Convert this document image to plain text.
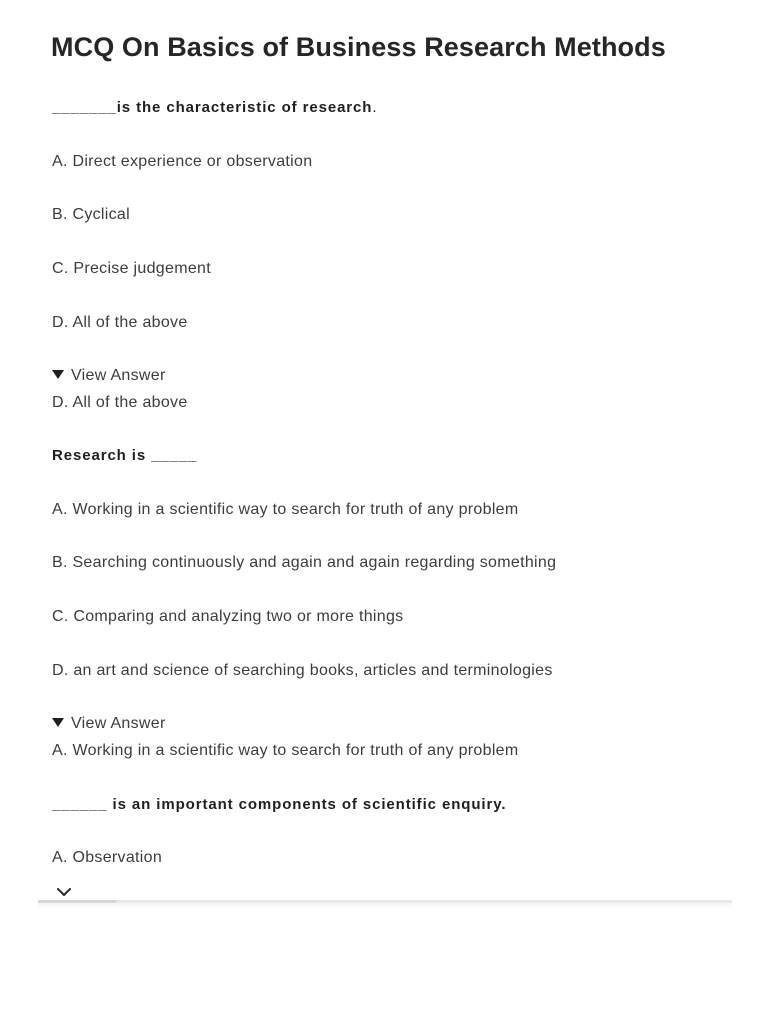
MCQ On Basics of Business Research Methods
_______is the characteristic of research.
A. Direct experience or observation
B. Cyclical
C. Precise judgement
D. All of the above
View Answer
D. All of the above
Research is _____
A. Working in a scientific way to search for truth of any problem
B. Searching continuously and again and again regarding something
C. Comparing and analyzing two or more things
D. an art and science of searching books, articles and terminologies
View Answer
A. Working in a scientific way to search for truth of any problem
______ is an important components of scientific enquiry.
A. Observation
